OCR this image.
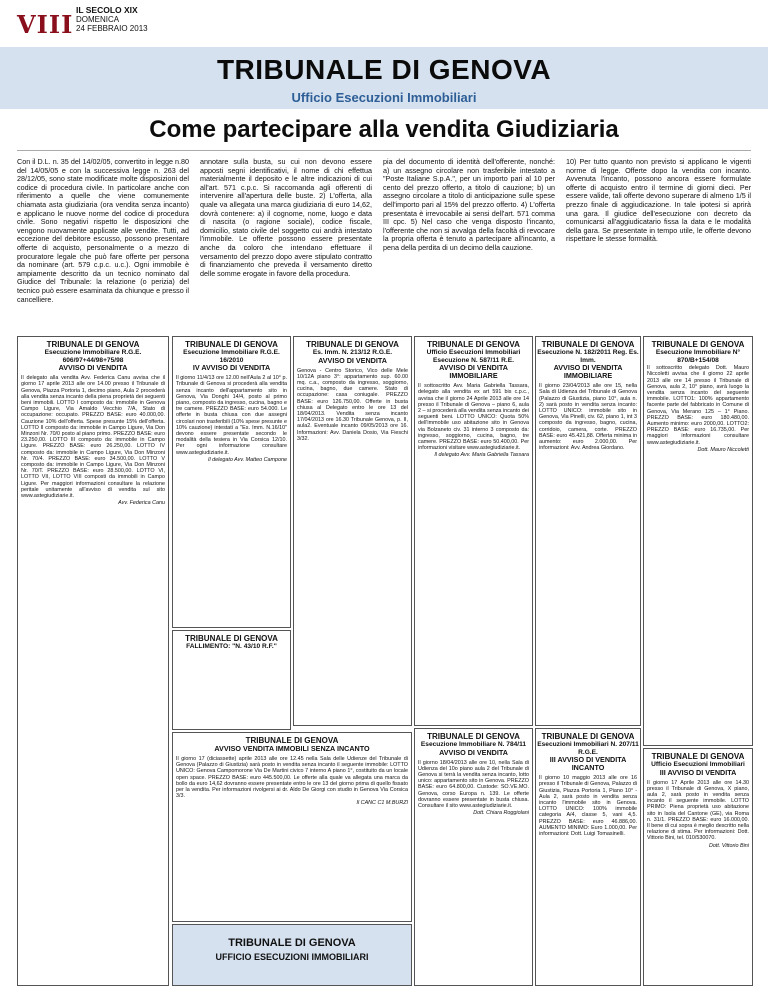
VIII IL SECOLO XIX
DOMENICA
24 FEBBRAIO 2013
TRIBUNALE DI GENOVA
Ufficio Esecuzioni Immobiliari
Come partecipare alla vendita Giudiziaria

Con il D.L. n. 35 del 14/02/05, convertito in legge n.80 del 14/05/05 e con la successiva legge n. 263 del 28/12/05, sono state modificate molte disposizioni del codice di procedura civile. In particolare anche con riferimento a quelle che viene comunemente chiamata asta giudiziaria (ora vendita senza incanto) e applicano le nuove norme del codice di procedura civile. Sono negativi rispetto le disposizioni che vengono nuovamente applicate alle vendite. Tutti, ad eccezione del debitore escusso, possono presentare offerte di acquisto, personalmente o a mezzo di procuratore legale che può fare offerte per persona da nominare (art. 579 c.p.c. u.c.). Ogni immobile è ampiamente descritto da un tecnico nominato dal Giudice del Tribunale: la relazione (o perizia) del tecnico può essere esaminata da chiunque e presso il cancelliere.

annotare sulla busta, su cui non devono essere apposti segni identificativi, il nome di chi effettua materialmente il deposito e le altre indicazioni di cui all'art. 571 c.p.c. Si raccomanda agli offerenti di intervenire all'apertura delle buste. 2) L'offerta, alla quale va allegata una marca giudiziaria di euro 14,62, dovrà contenere: a) il cognome, nome, luogo e data di nascita (o ragione sociale), codice fiscale, domicilio, stato civile del soggetto cui andrà intestato l'immobile. Le offerte possono essere presentate anche da coloro che intendano effettuare il versamento del prezzo dopo avere stipulato contratto di finanziamento che preveda il versamento diretto delle somme erogate in favore della procedura.

pia del documento di identità dell'offerente, nonché: a) un assegno circolare non trasferibile intestato a "Poste Italiane S.p.A.", per un importo pari al 10 per cento del prezzo offerto, a titolo di cauzione; b) un assegno circolare a titolo di anticipazione sulle spese dell'importo pari al 15% del prezzo offerto. 4) L'offerta presentata è irrevocabile ai sensi dell'art. 571 comma III cpc. 5) Nel caso che venga disposto l'incanto, l'offerente che non si avvalga della facoltà di revocare la propria offerta è tenuto a partecipare all'incanto, a pena della perdita di un decimo della cauzione.

10) Per tutto quanto non previsto si applicano le vigenti norme di legge. Offerte dopo la vendita con incanto. Avvenuta l'incanto, possono ancora essere formulate offerte di acquisto entro il termine di giorni dieci. Per essere valide, tali offerte devono superare di almeno 1/5 il prezzo finale di aggiudicazione. In tale ipotesi si aprirà una gara. Il giudice dell'esecuzione con decreto da comunicarsi all'aggiudicatario fissa la data e le modalità della gara. Se presentate in tempo utile, le offerte devono rispettare le stesse formalità.

TRIBUNALE DI GENOVA
Esecuzione Immobiliare R.G.E. 606/97+44/98+75/98
AVVISO DI VENDITA
Il delegato alla vendita Avv. Federica Canu avvisa che il giorno 17 aprile 2013 alle ore 14.00 presso il Tribunale di Genova, Piazza Portoria 1, decimo piano, Aula 2 procederà alla vendita senza incanto della piena proprietà dei seguenti beni immobili. LOTTO I composto da: immobile in Genova Campo Ligure, Via Amaldo Vecchio 7/A, Stato di occupazione: occupato. PREZZO BASE: euro 40.000,00. Cauzione 10% dell'offerta. Spese presunte 15% dell'offerta. LOTTO II composto da: immobile in Campo Ligure, Via Don Minzoni Nr. 70/0 posto al piano primo. PREZZO BASE: euro 23.250,00. LOTTO III composto da: immobile in Campo Ligure. PREZZO BASE: euro 26.250,00. LOTTO IV composto da: immobile in Campo Ligure, Via Don Minzoni Nr. 70/4. PREZZO BASE: euro 34.500,00. LOTTO V composto da: immobile in Campo Ligure, Via Don Minzoni Nr. 70/T. PREZZO BASE: euro 28.500,00. LOTTO VI, LOTTO VII, LOTTO VIII composti da immobili in Campo Ligure. Per maggiori informazioni consultare la relazione peritale unitamente all'avviso di vendita sul sito www.astegiudiziarie.it.
Avv. Federica Canu
TRIBUNALE DI GENOVA
Esecuzione Immobiliare R.G.E. 16/2010
IV AVVISO DI VENDITA
Il giorno 11/4/13 ore 12.00 nell'Aula 2 al 10° p. Tribunale di Genova si procederà alla vendita senza incanto dell'appartamento sito in Genova, Via Donghi 14/4, posto al primo piano, composto da ingresso, cucina, bagno e tre camere. PREZZO BASE: euro 54.000. Le offerte in busta chiusa con due assegni circolari non trasferibili (10% spese presunte e 10% cauzione) intestati a "Es. Imm. N.16/10" devono essere presentate secondo le modalità della tesiera in Via Corsica 12/10. Per ogni informazione consultare www.astegiudiziarie.it.
Il delegato Avv. Matteo Campone
TRIBUNALE DI GENOVA
Es. Imm. N. 213/12 R.G.E.
AVVISO DI VENDITA
Genova - Centro Storico, Vico delle Mele 10/12A piano 3°: appartamento sup. 60.00 mq. c.a., composto da ingresso, soggiorno, cucina, bagno, due camere. Stato di occupazione: casa coniugale. PREZZO BASE: euro 126.750,00. Offerte in busta chiusa al Delegato entro le ore 13 del 18/04/2013. Vendita senza incanto 17/04/2013 ore 16.30 Tribunale Genova, p. II, aula2. Eventuale incanto 09/05/2013 ore 16. Informazioni: Avv. Daniela Dosio, Via Fieschi 3/32.
TRIBUNALE DI GENOVA
Ufficio Esecuzioni Immobiliari Esecuzione N. 587/11 R.E.
AVVISO DI VENDITA IMMOBILIARE
Il sottoscritto Avv. Maria Gabriella Tassara, delegato alla vendita ex art 591 bis c.p.c., avvisa che il giorno 24 Aprile 2013 alle ore 14 presso il Tribunale di Genova – piano 6, aula 2 – si procederà alla vendita senza incanto dei seguenti beni. LOTTO UNICO: Quota 50% dell'immobile uso abitazione sito in Genova via Bolzaneto civ. 31 interno 3 composto da: ingresso, soggiorno, cucina, bagno, tre camere. PREZZO BASE: euro 50.400,00. Per informazioni visitare www.astegiudiziarie.it.
Il delegato Avv. Maria Gabriella Tassara
TRIBUNALE DI GENOVA
Esecuzione N. 182/2011 Reg. Es. Imm.
AVVISO DI VENDITA IMMOBILIARE
Il giorno 23/04/2013 alle ore 15, nella Sala di Udienza del Tribunale di Genova (Palazzo di Giustizia, piano 10°, aula n. 2) sarà posto in vendita senza incanto: LOTTO UNICO: immobile sito in Genova, Via Pinelli, civ. 62, piano 1, int 3 composto da ingresso, bagno, cucina, corridoio, camera, corte. PREZZO BASE: euro 45.421,88. Offerta minima in aumento: euro 2.000,00. Per informazioni: Avv. Andrea Giordano.
TRIBUNALE DI GENOVA
Esecuzione Immobiliare N° 870/B+154/08
Il sottoscritto delegato Dott. Mauro Niccoletti avvisa che il giorno 22 aprile 2013 alle ore 14 presso il Tribunale di Genova, aula 2, 10° piano, avrà luogo la vendita senza incanto del seguente immobile. LOTTO1: 100% appartamento facente parte del fabbricato in Comune di Genova, Via Merano 125 – 1° Piano. PREZZO BASE: euro 180.480,00. Aumento minimo: euro 2000,00. LOTTO2: PREZZO BASE: euro 16.735,00. Per maggiori informazioni consultare www.astegiudiziarie.it.
Dott. Mauro Niccoletti
TRIBUNALE DI GENOVA
FALLIMENTO: "N. 43/10 R.F."
TRIBUNALE DI GENOVA
AVVISO VENDITA IMMOBILI SENZA INCANTO
Il giorno 17 (diciassette) aprile 2013 alle ore 12.45 nella Sala delle Udienze del Tribunale di Genova (Palazzo di Giustizia) sarà posto in vendita senza incanto il seguente immobile: LOTTO UNICO: Genova Campomorone Via De Martini civico 7 interno A piano 1°, costituito da un locale open space. PREZZO BASE: euro 445.500,00. Le offerte alla quale va allegata una marca da bollo da euro 14,62 dovranno essere presentate entro le ore 13 del giorno prima di quello fissato per la vendita. Per informazioni rivolgersi ai dr. Aldo De Giorgi con studio in Genova Via Corsica 3/3.
Il CANC C1 M.BURZI
TRIBUNALE DI GENOVA
Esecuzione Immobiliare N. 784/11
AVVISO DI VENDITA
Il giorno 18/04/2013 alle ore 10, nella Sala di Udienza del 10o piano aula 2 del Tribunale di Genova si terrà la vendita senza incanto, lotto unico: appartamento sito in Genova. PREZZO BASE: euro 64.800,00. Custode: SO.VE.MO. Genova, corso Europa n. 139. Le offerte dovranno essere presentate in busta chiusa. Consultare il sito www.astegiudiziarie.it.
Dott. Chiara Roggiolani
TRIBUNALE DI GENOVA
Esecuzioni Immobiliari N. 207/11 R.G.E.
III AVVISO DI VENDITA INCANTO
Il giorno 10 maggio 2013 alle ore 16 presso il Tribunale di Genova, Palazzo di Giustizia, Piazza Portoria 1, Piano 10° - Aula 2, sarà posto in vendita senza incanto l'immobile sito in Genova. LOTTO UNICO: 100% immobile categoria A/4, classe 5, vani 4,5. PREZZO BASE: euro 46.886,00. AUMENTO MINIMO: Euro 1.000,00. Per informazioni: Dott. Luigi Tomasinelli.
TRIBUNALE DI GENOVA
Ufficio Esecuzioni Immobiliari
III AVVISO DI VENDITA
Il giorno 17 Aprile 2013 alle ore 14.30 presso il Tribunale di Genova, X piano, aula 2, sarà posto in vendita senza incanto il seguente immobile. LOTTO PRIMO: Piena proprietà uso abitazione sito in Isola del Cantone (GE), via Roma n. 31/1. PREZZO BASE: euro 16.000,00. Il bene di cui sopra è meglio descritto nella relazione di stima. Per informazioni: Dott. Vittorio Bini, tel. 010/530070.
Dott. Vittorio Bini
TRIBUNALE DI GENOVA
UFFICIO ESECUZIONI IMMOBILIARI
